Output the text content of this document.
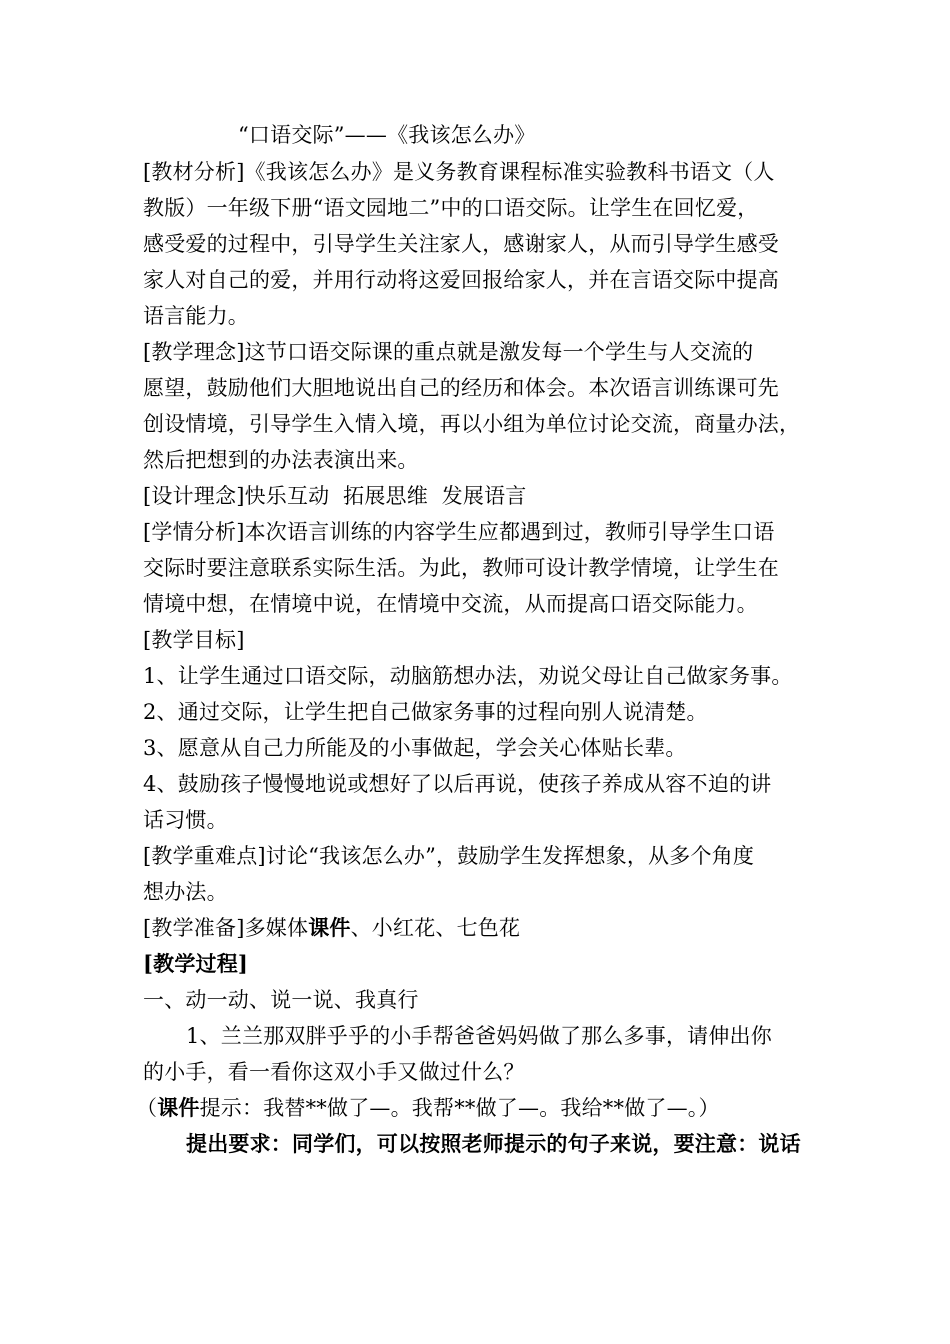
“口语交际”——《我该怎么办》
[教材分析]《我该怎么办》是义务教育课程标准实验教科书语文（人
教版）一年级下册“语文园地二”中的口语交际。让学生在回忆爱，
感受爱的过程中，引导学生关注家人，感谢家人，从而引导学生感受
家人对自己的爱，并用行动将这爱回报给家人，并在言语交际中提高
语言能力。
[教学理念]这节口语交际课的重点就是激发每一个学生与人交流的
愿望，鼓励他们大胆地说出自己的经历和体会。本次语言训练课可先
创设情境，引导学生入情入境，再以小组为单位讨论交流，商量办法，
然后把想到的办法表演出来。
[设计理念]快乐互动  拓展思维  发展语言
[学情分析]本次语言训练的内容学生应都遇到过，教师引导学生口语
交际时要注意联系实际生活。为此，教师可设计教学情境，让学生在
情境中想，在情境中说，在情境中交流，从而提高口语交际能力。
[教学目标]
1、让学生通过口语交际，动脑筋想办法，劝说父母让自己做家务事。
2、通过交际，让学生把自己做家务事的过程向别人说清楚。
3、愿意从自己力所能及的小事做起，学会关心体贴长辈。
4、鼓励孩子慢慢地说或想好了以后再说，使孩子养成从容不迫的讲
话习惯。
[教学重难点]讨论“我该怎么办”，鼓励学生发挥想象，从多个角度
想办法。
[教学准备]多媒体课件、小红花、七色花
[教学过程]
一、动一动、说一说、我真行
1、兰兰那双胖乎乎的小手帮爸爸妈妈做了那么多事，请伸出你
的小手，看一看你这双小手又做过什么？
（课件提示：我替**做了—。我帮**做了—。我给**做了—。）
提出要求：同学们，可以按照老师提示的句子来说，要注意：说话
